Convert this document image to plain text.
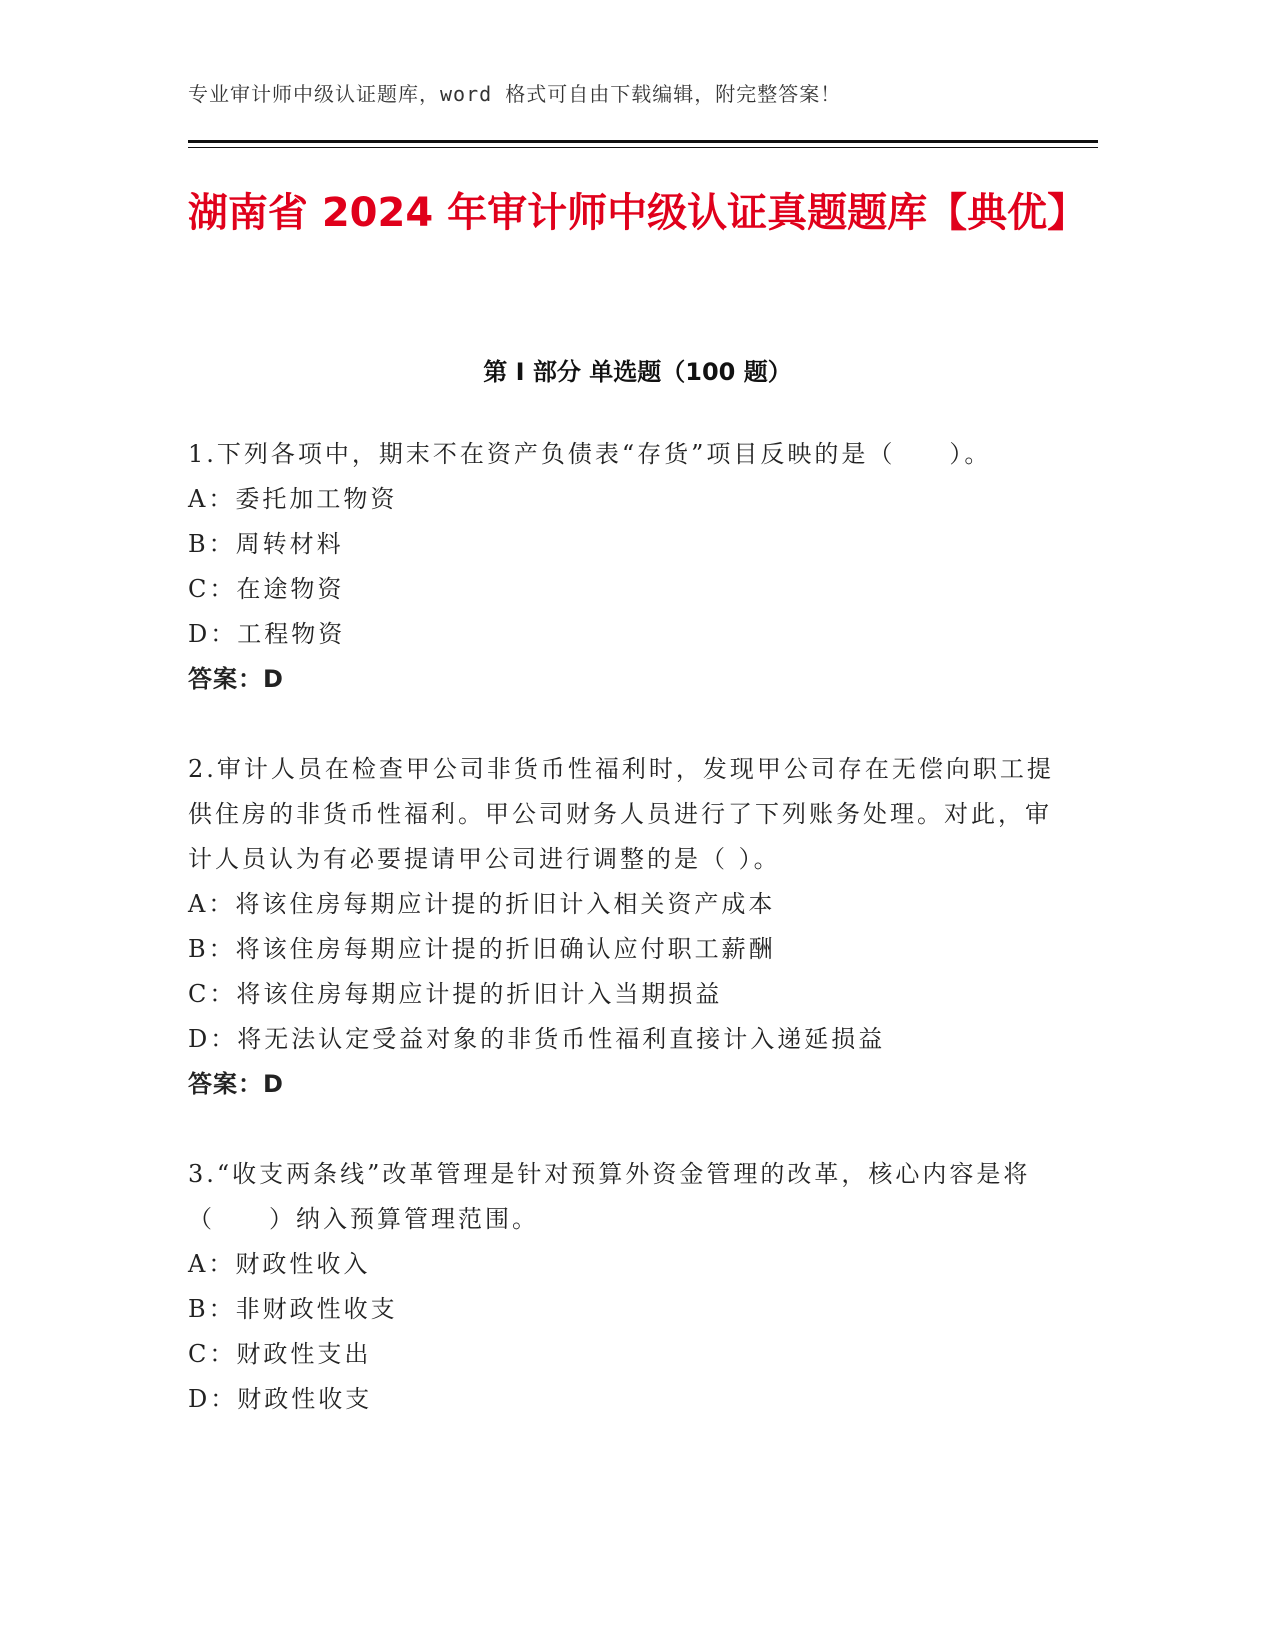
专业审计师中级认证题库，word 格式可自由下载编辑，附完整答案！
湖南省 2024 年审计师中级认证真题题库【典优】
第 I 部分 单选题（100 题）

1.下列各项中，期末不在资产负债表“存货”项目反映的是（　　）。

A：委托加工物资

B：周转材料

C：在途物资

D：工程物资

答案：D

2.审计人员在检查甲公司非货币性福利时，发现甲公司存在无偿向职工提供住房的非货币性福利。甲公司财务人员进行了下列账务处理。对此，审计人员认为有必要提请甲公司进行调整的是（ ）。

A：将该住房每期应计提的折旧计入相关资产成本

B：将该住房每期应计提的折旧确认应付职工薪酬

C：将该住房每期应计提的折旧计入当期损益

D：将无法认定受益对象的非货币性福利直接计入递延损益

答案：D

3.“收支两条线”改革管理是针对预算外资金管理的改革，核心内容是将（　　）纳入预算管理范围。

A：财政性收入

B：非财政性收支

C：财政性支出

D：财政性收支
